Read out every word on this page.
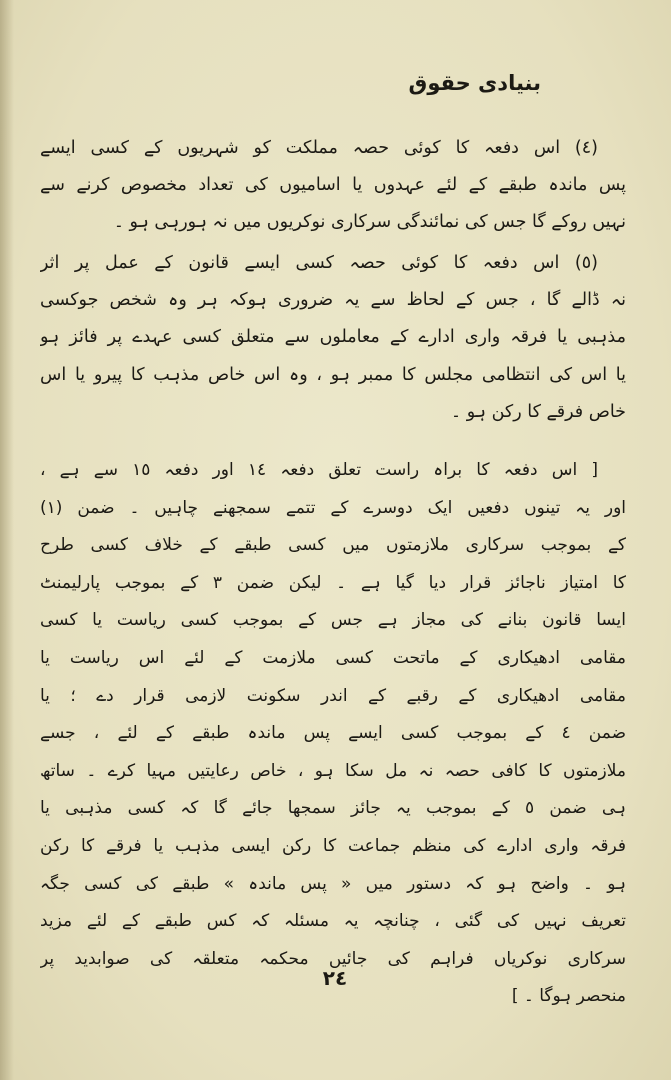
بنیادی حقوق
(٤) اس دفعہ کا کوئی حصہ مملکت کو شہریوں کے کسی ایسے
پس ماندہ طبقے کے لئے عہدوں یا اسامیوں کی تعداد مخصوص کرنے سے
نہیں روکے گا جس کی نمائندگی سرکاری نوکریوں میں نہ ہورہی ہو ۔
(٥) اس دفعہ کا کوئی حصہ کسی ایسے قانون کے عمل پر اثر
نہ ڈالے گا ، جس کے لحاظ سے یہ ضروری ہوکہ ہر وہ شخص جوکسی
مذہبی یا فرقہ واری ادارے کے معاملوں سے متعلق کسی عہدے پر فائز ہو
یا اس کی انتظامی مجلس کا ممبر ہو ، وہ اس خاص مذہب کا پیرو یا اس
خاص فرقے کا رکن ہو ۔
[ اس دفعہ کا براہ راست تعلق دفعہ ١٤ اور دفعہ ١٥ سے ہے ،
اور یہ تینوں دفعیں ایک دوسرے کے تتمے سمجھنے چاہیں ۔ ضمن (١)
کے بموجب سرکاری ملازمتوں میں کسی طبقے کے خلاف کسی طرح
کا امتیاز ناجائز قرار دیا گیا ہے ۔ لیکن ضمن ٣ کے بموجب پارلیمنٹ
ایسا قانون بنانے کی مجاز ہے جس کے بموجب کسی ریاست یا کسی
مقامی ادھیکاری کے ماتحت کسی ملازمت کے لئے اس ریاست یا
مقامی ادھیکاری کے رقبے کے اندر سکونت لازمی قرار دے ؛ یا
ضمن ٤ کے بموجب کسی ایسے پس ماندہ طبقے کے لئے ، جسے
ملازمتوں کا کافی حصہ نہ مل سکا ہو ، خاص رعایتیں مہیا کرے ۔ ساتھ
ہی ضمن ٥ کے بموجب یہ جائز سمجھا جائے گا کہ کسی مذہبی یا
فرقہ واری ادارے کی منظم جماعت کا رکن ایسی مذہب یا فرقے کا رکن
ہو ۔ واضح ہو کہ دستور میں « پس ماندہ » طبقے کی کسی جگہ
تعریف نہیں کی گئی ، چنانچہ یہ مسئلہ کہ کس طبقے کے لئے مزید
سرکاری نوکریاں فراہم کی جائیں محکمہ متعلقہ کی صوابدید پر
منحصر ہوگا ۔ ]
٢٤
